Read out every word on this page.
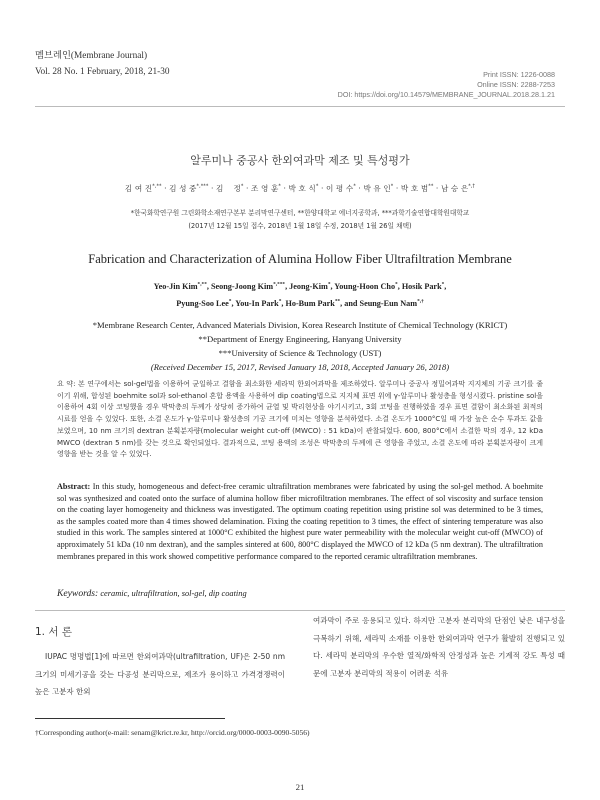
멤브레인(Membrane Journal)
Vol. 28 No. 1 February, 2018, 21-30	Print ISSN: 1226-0088
Online ISSN: 2288-7253
DOI: https://doi.org/10.14579/MEMBRANE_JOURNAL.2018.28.1.21
알루미나 중공사 한외여과막 제조 및 특성평가
김 여 진*,** · 김 성 중*,*** · 김    정* · 조 영 훈* · 박 호 식* · 이 평 수* · 박 유 인* · 박 호 범** · 남 승 은*,†
*한국화학연구원 그린화학소재연구본부 분리막연구센터, **한양대학교 에너지공학과, ***과학기술연합대학원대학교
(2017년 12월 15일 접수, 2018년 1월 18일 수정, 2018년 1월 26일 채택)
Fabrication and Characterization of Alumina Hollow Fiber Ultrafiltration Membrane
Yeo-Jin Kim*,**, Seong-Joong Kim*,***, Jeong-Kim*, Young-Hoon Cho*, Hosik Park*,
Pyung-Soo Lee*, You-In Park*, Ho-Bum Park**, and Seung-Eun Nam*,†
*Membrane Research Center, Advanced Materials Division, Korea Research Institute of Chemical Technology (KRICT)
**Department of Energy Engineering, Hanyang University
***University of Science & Technology (UST)
(Received December 15, 2017, Revised January 18, 2018, Accepted January 26, 2018)
요 약: 본 연구에서는 sol-gel법을 이용하여 균일하고 결함을 최소화한 세라믹 한외여과막을 제조하였다. 알루미나 중공사 정밀여과막 지지체의 기공 크기를 줄이기 위해, 합성된 boehmite sol과 sol-ethanol 혼합 용액을 사용하여 dip coating법으로 지지체 표면 위에 γ-알루미나 활성층을 형성시켰다. pristine sol을 이용하여 4회 이상 코팅했을 경우 박막층의 두께가 상당히 증가하여 균열 및 박리현상을 야기시키고, 3회 코팅을 진행하였을 경우 표면 결함이 최소화된 최적의 시료를 얻을 수 있었다. 또한, 소결 온도가 γ-알루미나 활성층의 기공 크기에 미치는 영향을 분석하였다. 소결 온도가 1000°C일 때 가장 높은 순수 투과도 값을 보였으며, 10 nm 크기의 dextran 분획분자량(molecular weight cut-off (MWCO) : 51 kDa)이 관찰되었다. 600, 800°C에서 소결한 막의 경우, 12 kDa MWCO (dextran 5 nm)를 갖는 것으로 확인되었다. 결과적으로, 코팅 용액의 조성은 박막층의 두께에 큰 영향을 주었고, 소결 온도에 따라 분획분자량이 크게 영향을 받는 것을 알 수 있었다.
Abstract: In this study, homogeneous and defect-free ceramic ultrafiltration membranes were fabricated by using the sol-gel method. A boehmite sol was synthesized and coated onto the surface of alumina hollow fiber microfiltration membranes. The effect of sol viscosity and surface tension on the coating layer homogeneity and thickness was investigated. The optimum coating repetition using pristine sol was determined to be 3 times, as the samples coated more than 4 times showed delamination. Fixing the coating repetition to 3 times, the effect of sintering temperature was also studied in this work. The samples sintered at 1000°C exhibited the highest pure water permeability with the molecular weight cut-off (MWCO) of approximately 51 kDa (10 nm dextran), and the samples sintered at 600, 800°C displayed the MWCO of 12 kDa (5 nm dextran). The ultrafiltration membranes prepared in this work showed competitive performance compared to the reported ceramic ultrafiltration membranes.
Keywords: ceramic, ultrafiltration, sol-gel, dip coating
1. 서 론

IUPAC 명명법[1]에 따르면 한외여과막(ultrafiltration, UF)은 2-50 nm 크기의 미세기공을 갖는 다공성 분리막으로, 제조가 용이하고 가격경쟁력이 높은 고분자 한외

여과막이 주로 응용되고 있다. 하지만 고분자 분리막의 단점인 낮은 내구성을 극복하기 위해, 세라믹 소재를 이용한 한외여과막 연구가 활발히 진행되고 있다. 세라믹 분리막의 우수한 열적/화학적 안정성과 높은 기계적 강도 특성 때문에 고분자 분리막의 적용이 어려운 석유

†Corresponding author(e-mail: senam@krict.re.kr, http://orcid.org/0000-0003-0090-5056)
21
